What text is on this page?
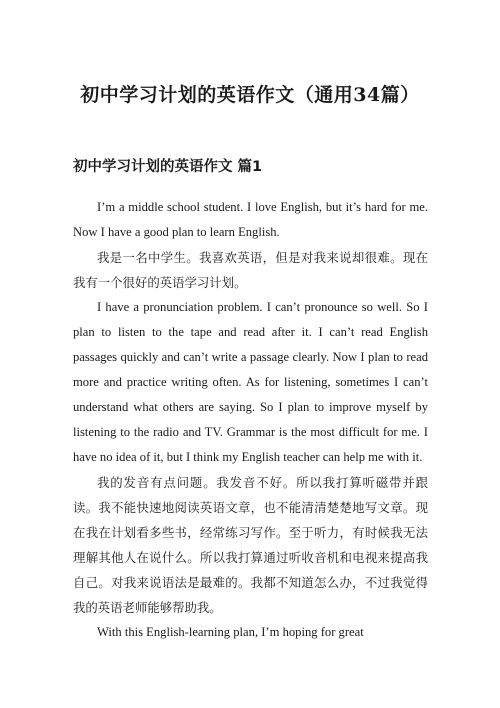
初中学习计划的英语作文（通用34篇）
初中学习计划的英语作文 篇1

I’m a middle school student. I love English, but it’s hard for me. Now I have a good plan to learn English.

我是一名中学生。我喜欢英语，但是对我来说却很难。现在我有一个很好的英语学习计划。

I have a pronunciation problem. I can’t pronounce so well. So I plan to listen to the tape and read after it. I can’t read English passages quickly and can’t write a passage clearly. Now I plan to read more and practice writing often. As for listening, sometimes I can’t understand what others are saying. So I plan to improve myself by listening to the radio and TV. Grammar is the most difficult for me. I have no idea of it, but I think my English teacher can help me with it.

我的发音有点问题。我发音不好。所以我打算听磁带并跟读。我不能快速地阅读英语文章，也不能清清楚楚地写文章。现在我在计划看多些书，经常练习写作。至于听力，有时候我无法理解其他人在说什么。所以我打算通过听收音机和电视来提高我自己。对我来说语法是最难的。我都不知道怎么办，不过我觉得我的英语老师能够帮助我。

With this English-learning plan, I’m hoping for great
